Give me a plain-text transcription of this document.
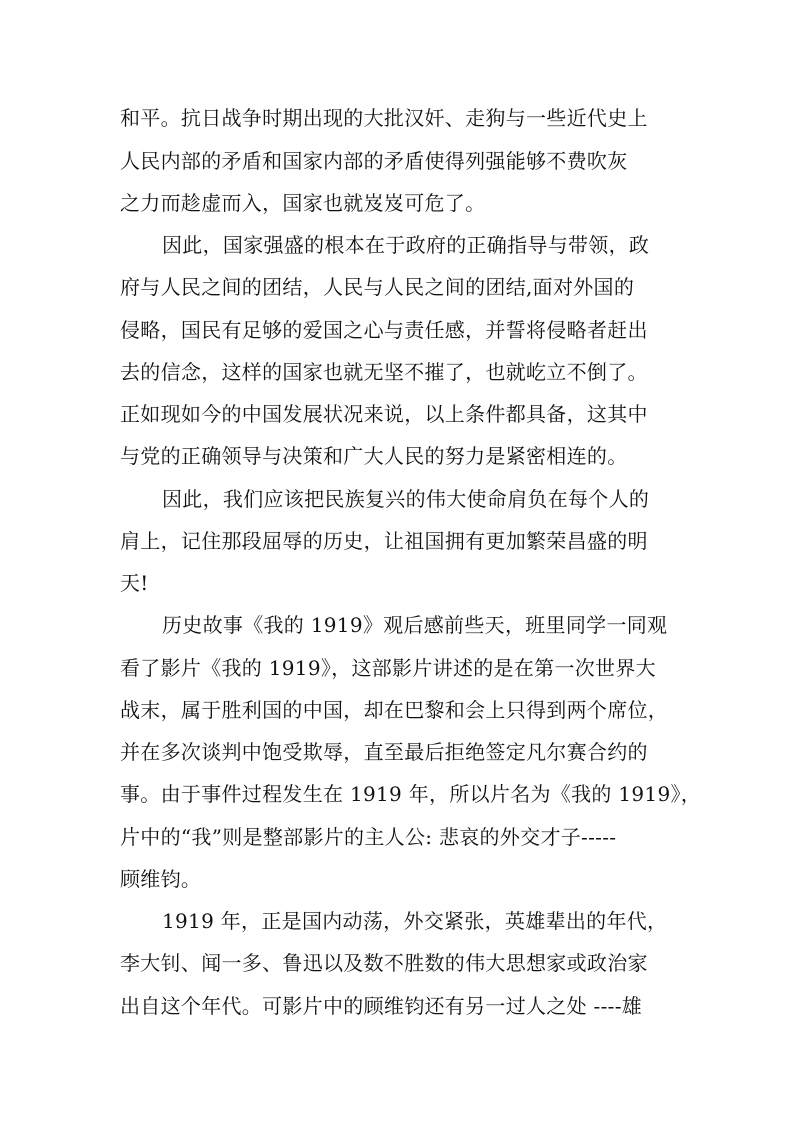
和平。抗日战争时期出现的大批汉奸、走狗与一些近代史上
人民内部的矛盾和国家内部的矛盾使得列强能够不费吹灰
之力而趁虚而入，国家也就岌岌可危了。
因此，国家强盛的根本在于政府的正确指导与带领，政
府与人民之间的团结，人民与人民之间的团结,面对外国的
侵略，国民有足够的爱国之心与责任感，并誓将侵略者赶出
去的信念，这样的国家也就无坚不摧了，也就屹立不倒了。
正如现如今的中国发展状况来说，以上条件都具备，这其中
与党的正确领导与决策和广大人民的努力是紧密相连的。
因此，我们应该把民族复兴的伟大使命肩负在每个人的
肩上，记住那段屈辱的历史，让祖国拥有更加繁荣昌盛的明
天!
历史故事《我的 1919》观后感前些天，班里同学一同观
看了影片《我的 1919》，这部影片讲述的是在第一次世界大
战末，属于胜利国的中国，却在巴黎和会上只得到两个席位，
并在多次谈判中饱受欺辱，直至最后拒绝签定凡尔赛合约的
事。由于事件过程发生在 1919 年，所以片名为《我的 1919》，
片中的“我”则是整部影片的主人公: 悲哀的外交才子-----
顾维钧。
1919 年，正是国内动荡，外交紧张，英雄辈出的年代，
李大钊、闻一多、鲁迅以及数不胜数的伟大思想家或政治家
出自这个年代。可影片中的顾维钧还有另一过人之处 ----雄
